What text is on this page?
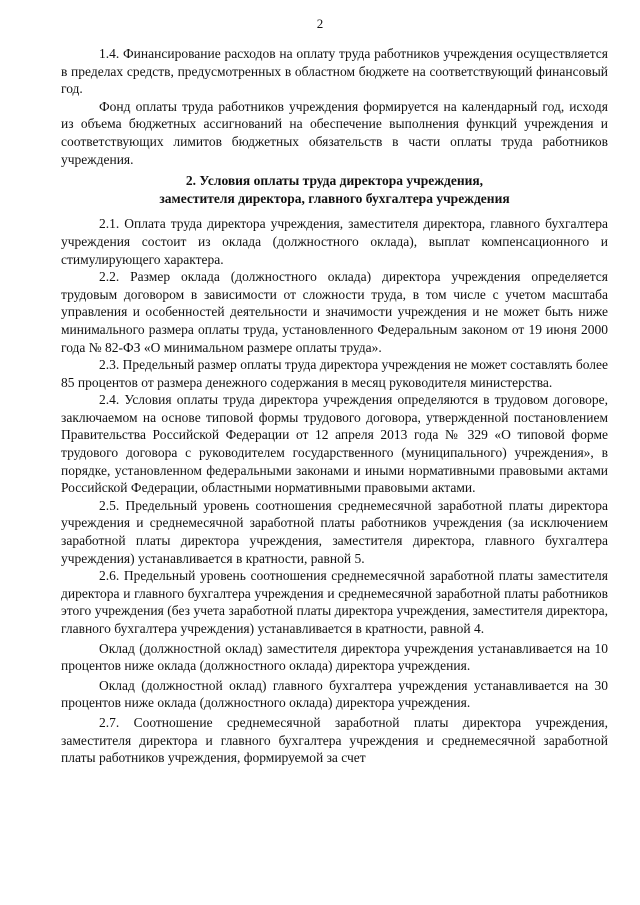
2

1.4. Финансирование расходов на оплату труда работников учреждения осуществляется в пределах средств, предусмотренных в областном бюджете на соответствующий финансовый год.

Фонд оплаты труда работников учреждения формируется на календарный год, исходя из объема бюджетных ассигнований на обеспечение выполнения функций учреждения и соответствующих лимитов бюджетных обязательств в части оплаты труда работников учреждения.

2. Условия оплаты труда директора учреждения,
заместителя директора, главного бухгалтера учреждения

2.1. Оплата труда директора учреждения, заместителя директора, главного бухгалтера учреждения состоит из оклада (должностного оклада), выплат компенсационного и стимулирующего характера.

2.2. Размер оклада (должностного оклада) директора учреждения определяется трудовым договором в зависимости от сложности труда, в том числе с учетом масштаба управления и особенностей деятельности и значимости учреждения и не может быть ниже минимального размера оплаты труда, установленного Федеральным законом от 19 июня 2000 года № 82-ФЗ «О минимальном размере оплаты труда».

2.3. Предельный размер оплаты труда директора учреждения не может составлять более 85 процентов от размера денежного содержания в месяц руководителя министерства.

2.4. Условия оплаты труда директора учреждения определяются в трудовом договоре, заключаемом на основе типовой формы трудового договора, утвержденной постановлением Правительства Российской Федерации от 12 апреля 2013 года № 329 «О типовой форме трудового договора с руководителем государственного (муниципального) учреждения», в порядке, установленном федеральными законами и иными нормативными правовыми актами Российской Федерации, областными нормативными правовыми актами.

2.5. Предельный уровень соотношения среднемесячной заработной платы директора учреждения и среднемесячной заработной платы работников учреждения (за исключением заработной платы директора учреждения, заместителя директора, главного бухгалтера учреждения) устанавливается в кратности, равной 5.

2.6. Предельный уровень соотношения среднемесячной заработной платы заместителя директора и главного бухгалтера учреждения и среднемесячной заработной платы работников этого учреждения (без учета заработной платы директора учреждения, заместителя директора, главного бухгалтера учреждения) устанавливается в кратности, равной 4.

Оклад (должностной оклад) заместителя директора учреждения устанавливается на 10 процентов ниже оклада (должностного оклада) директора учреждения.

Оклад (должностной оклад) главного бухгалтера учреждения устанавливается на 30 процентов ниже оклада (должностного оклада) директора учреждения.

2.7. Соотношение среднемесячной заработной платы директора учреждения, заместителя директора и главного бухгалтера учреждения и среднемесячной заработной платы работников учреждения, формируемой за счет
